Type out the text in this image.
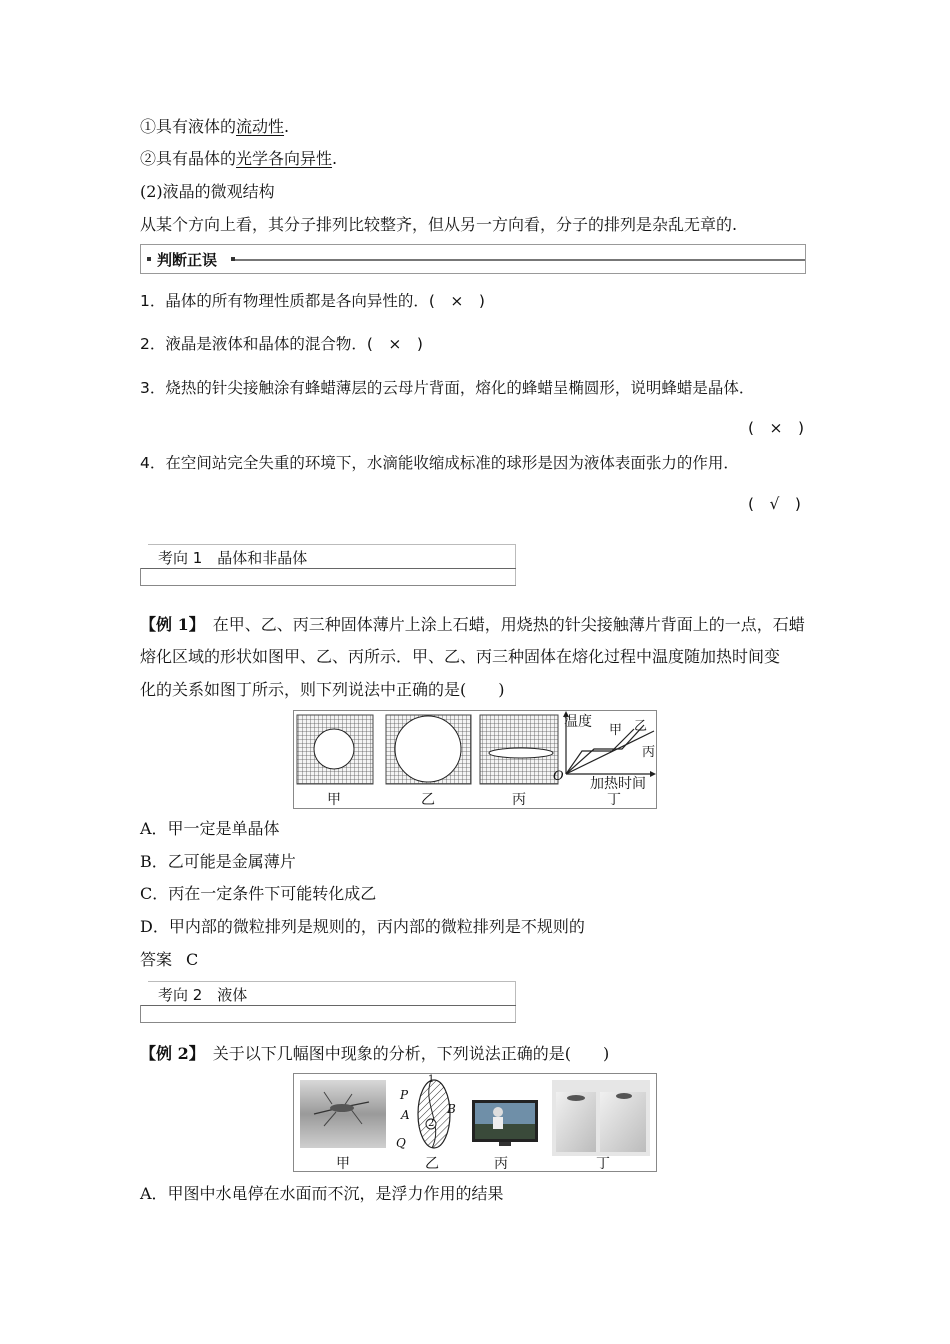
①具有液体的流动性.
②具有晶体的光学各向异性.
(2)液晶的微观结构
从某个方向上看，其分子排列比较整齐，但从另一方向看，分子的排列是杂乱无章的.
判断正误
1．晶体的所有物理性质都是各向异性的．(　×　)
2．液晶是液体和晶体的混合物．(　×　)
3．烧热的针尖接触涂有蜂蜡薄层的云母片背面，熔化的蜂蜡呈椭圆形，说明蜂蜡是晶体．
(　×　)
4．在空间站完全失重的环境下，水滴能收缩成标准的球形是因为液体表面张力的作用．
(　√　)
考向 1　晶体和非晶体
【例 1】 在甲、乙、丙三种固体薄片上涂上石蜡，用烧热的针尖接触薄片背面上的一点，石蜡
熔化区域的形状如图甲、乙、丙所示．甲、乙、丙三种固体在熔化过程中温度随加热时间变
化的关系如图丁所示，则下列说法中正确的是(　　)
温度
加热时间
O
甲 乙
丙
甲	乙	丙	丁
A．甲一定是单晶体
B．乙可能是金属薄片
C．丙在一定条件下可能转化成乙
D．甲内部的微粒排列是规则的，丙内部的微粒排列是不规则的
答案 C
考向 2　液体
【例 2】 关于以下几幅图中现象的分析，下列说法正确的是(　　)
P
A	B
Q
1
2
甲	乙	丙	丁
A．甲图中水黾停在水面而不沉，是浮力作用的结果
